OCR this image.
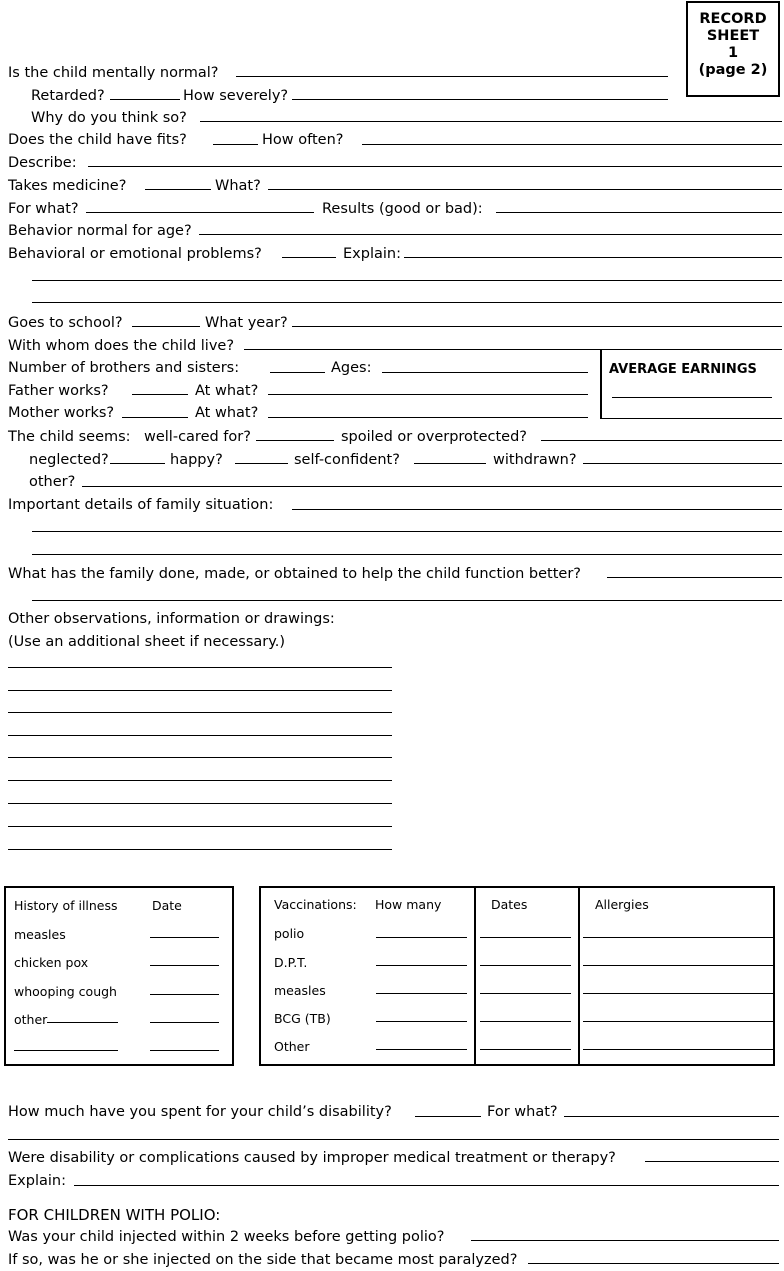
RECORD
SHEET
1
(page 2)
Is the child mentally normal?
Retarded?	How severely?
Why do you think so?
Does the child have fits?	How often?
Describe:
Takes medicine?	What?
For what?	Results (good or bad):
Behavior normal for age?
Behavioral or emotional problems?	Explain:
Goes to school?	What year?
With whom does the child live?
AVERAGE EARNINGS
Number of brothers and sisters:	Ages:
Father works?	At what?
Mother works?	At what?
The child seems: well-cared for?	spoiled or overprotected?
neglected?	happy?	self-confident?	withdrawn?
other?
Important details of family situation:
What has the family done, made, or obtained to help the child function better?
Other observations, information or drawings:
(Use an additional sheet if necessary.)
History of illness	Date
measles
chicken pox
whooping cough
other
Vaccinations: How many	Dates	Allergies
polio
D.P.T.
measles
BCG (TB)
Other
How much have you spent for your child’s disability?	For what?
Were disability or complications caused by improper medical treatment or therapy?
Explain:
FOR CHILDREN WITH POLIO:
Was your child injected within 2 weeks before getting polio?
If so, was he or she injected on the side that became most paralyzed?
